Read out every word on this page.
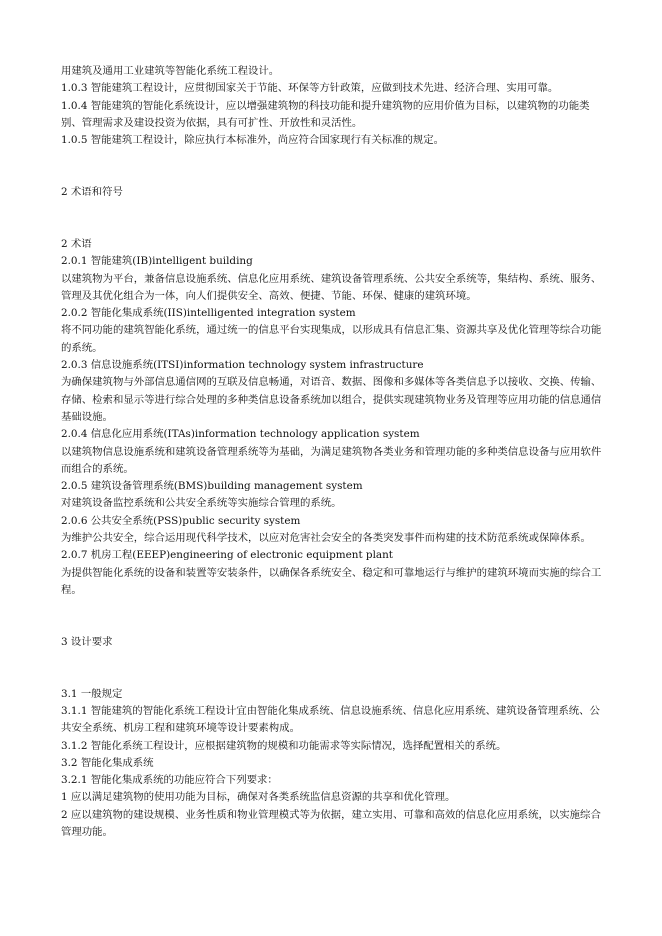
用建筑及通用工业建筑等智能化系统工程设计。
1.0.3 智能建筑工程设计，应贯彻国家关于节能、环保等方针政策，应做到技术先进、经济合理、实用可靠。
1.0.4 智能建筑的智能化系统设计，应以增强建筑物的科技功能和提升建筑物的应用价值为目标，以建筑物的功能类别、管理需求及建设投资为依据，具有可扩性、开放性和灵活性。
1.0.5 智能建筑工程设计，除应执行本标准外，尚应符合国家现行有关标准的规定。
2 术语和符号
2 术语
2.0.1 智能建筑(IB)intelligent building
以建筑物为平台，兼备信息设施系统、信息化应用系统、建筑设备管理系统、公共安全系统等，集结构、系统、服务、管理及其优化组合为一体，向人们提供安全、高效、便捷、节能、环保、健康的建筑环境。
2.0.2 智能化集成系统(IIS)intelligented integration system
将不同功能的建筑智能化系统，通过统一的信息平台实现集成，以形成具有信息汇集、资源共享及优化管理等综合功能的系统。
2.0.3 信息设施系统(ITSI)information technology system infrastructure
为确保建筑物与外部信息通信网的互联及信息畅通，对语音、数据、图像和多媒体等各类信息予以接收、交换、传输、存储、检索和显示等进行综合处理的多种类信息设备系统加以组合，提供实现建筑物业务及管理等应用功能的信息通信基础设施。
2.0.4 信息化应用系统(ITAs)information technology application system
以建筑物信息设施系统和建筑设备管理系统等为基础，为满足建筑物各类业务和管理功能的多种类信息设备与应用软件而组合的系统。
2.0.5 建筑设备管理系统(BMS)building management system
对建筑设备监控系统和公共安全系统等实施综合管理的系统。
2.0.6 公共安全系统(PSS)public security system
为维护公共安全，综合运用现代科学技术，以应对危害社会安全的各类突发事件而构建的技术防范系统或保障体系。
2.0.7 机房工程(EEEP)engineering of electronic equipment plant
为提供智能化系统的设备和装置等安装条件，以确保各系统安全、稳定和可靠地运行与维护的建筑环境而实施的综合工程。
3 设计要求
3.1 一般规定
3.1.1 智能建筑的智能化系统工程设计宜由智能化集成系统、信息设施系统、信息化应用系统、建筑设备管理系统、公共安全系统、机房工程和建筑环境等设计要素构成。
3.1.2 智能化系统工程设计，应根据建筑物的规模和功能需求等实际情况，选择配置相关的系统。
3.2 智能化集成系统
3.2.1 智能化集成系统的功能应符合下列要求：
1 应以满足建筑物的使用功能为目标，确保对各类系统监信息资源的共享和优化管理。
2 应以建筑物的建设规模、业务性质和物业管理模式等为依据，建立实用、可靠和高效的信息化应用系统，以实施综合管理功能。
